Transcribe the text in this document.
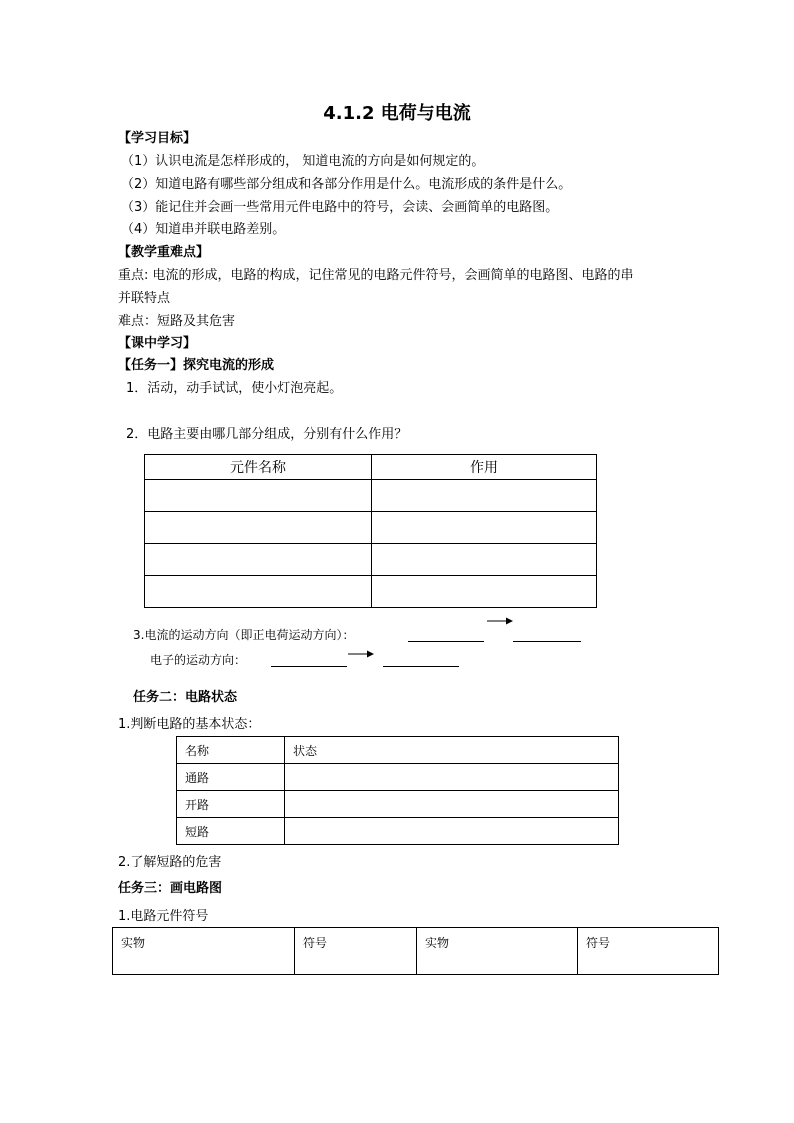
4.1.2 电荷与电流
【学习目标】
（1）认识电流是怎样形成的， 知道电流的方向是如何规定的。
（2）知道电路有哪些部分组成和各部分作用是什么。电流形成的条件是什么。
（3）能记住并会画一些常用元件电路中的符号，会读、会画简单的电路图。
（4）知道串并联电路差别。
【教学重难点】
重点: 电流的形成，电路的构成，记住常见的电路元件符号，会画简单的电路图、电路的串
并联特点
难点：短路及其危害
【课中学习】
【任务一】探究电流的形成
1．活动，动手试试，使小灯泡亮起。
2．电路主要由哪几部分组成，分别有什么作用？
元件名称	作用

3.电流的运动方向（即正电荷运动方向）：
电子的运动方向：
任务二：电路状态
1.判断电路的基本状态：
名称	状态
通路	
开路	
短路	
2.了解短路的危害
任务三：画电路图
1.电路元件符号
实物	符号	实物	符号
